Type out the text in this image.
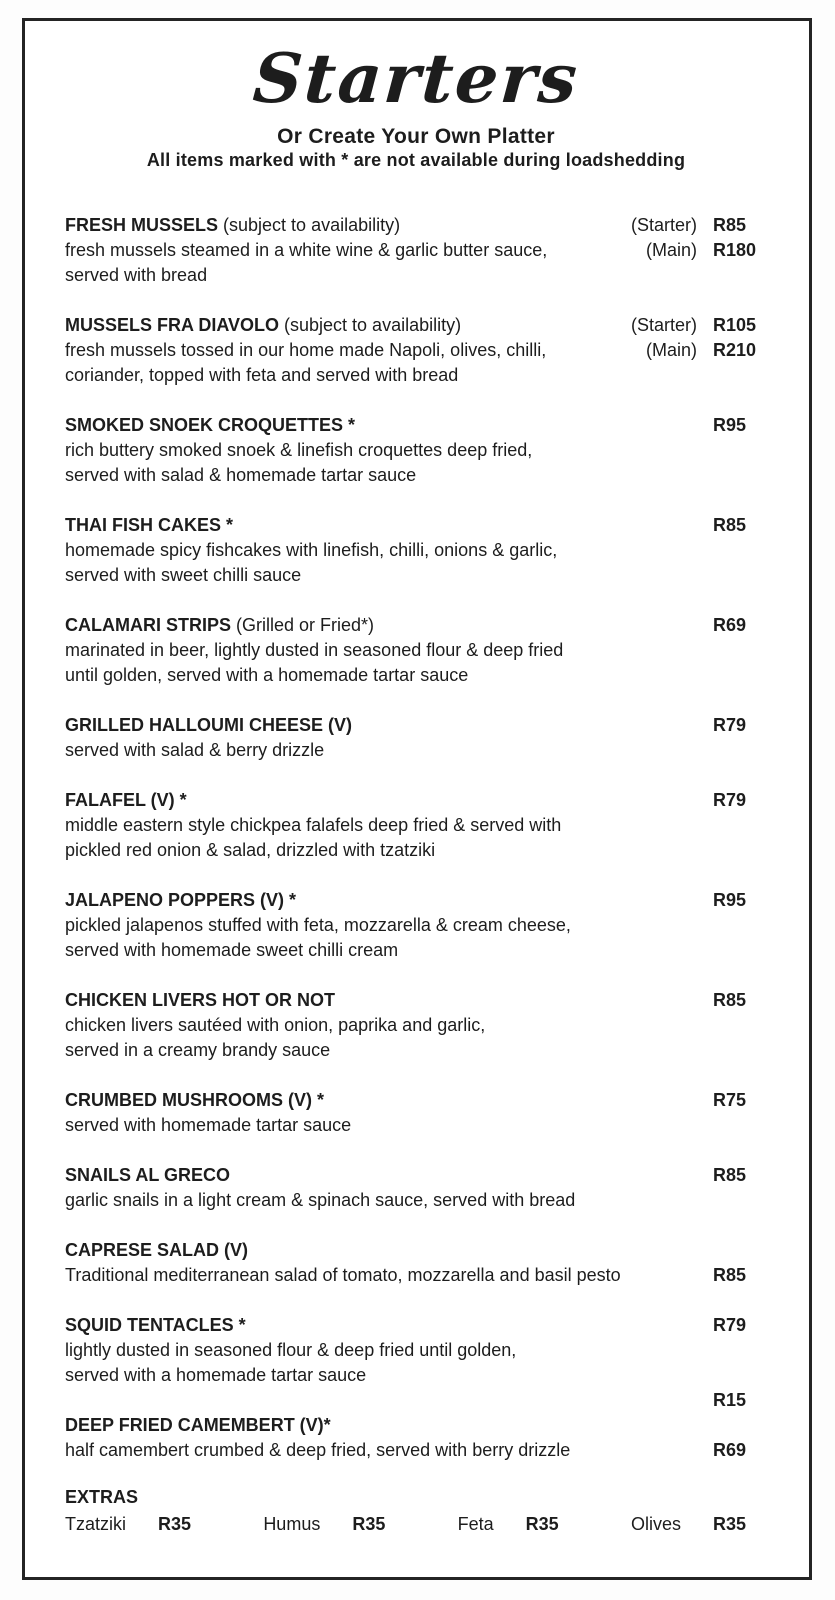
Starters
Or Create Your Own Platter
All items marked with * are not available during loadshedding
FRESH MUSSELS (subject to availability)	(Starter) R85
fresh mussels steamed in a white wine & garlic butter sauce,	(Main) R180
served with bread
MUSSELS FRA DIAVOLO (subject to availability)	(Starter) R105
fresh mussels tossed in our home made Napoli, olives, chilli,	(Main) R210
coriander, topped with feta and served with bread
SMOKED SNOEK CROQUETTES *	R95
rich buttery smoked snoek & linefish croquettes deep fried,
served with salad & homemade tartar sauce
THAI FISH CAKES *	R85
homemade spicy fishcakes with linefish, chilli, onions & garlic,
served with sweet chilli sauce
CALAMARI STRIPS (Grilled or Fried*)	R69
marinated in beer, lightly dusted in seasoned flour & deep fried
until golden, served with a homemade tartar sauce
GRILLED HALLOUMI CHEESE (V)	R79
served with salad & berry drizzle
FALAFEL (V) *	R79
middle eastern style chickpea falafels deep fried & served with
pickled red onion & salad, drizzled with tzatziki
JALAPENO POPPERS (V) *	R95
pickled jalapenos stuffed with feta, mozzarella & cream cheese,
served with homemade sweet chilli cream
CHICKEN LIVERS HOT OR NOT	R85
chicken livers sautéed with onion, paprika and garlic,
served in a creamy brandy sauce
CRUMBED MUSHROOMS (V) *	R75
served with homemade tartar sauce
SNAILS AL GRECO	R85
garlic snails in a light cream & spinach sauce, served with bread
CAPRESE SALAD (V)
Traditional mediterranean salad of tomato, mozzarella and basil pesto	R85
SQUID TENTACLES *	R79
lightly dusted in seasoned flour & deep fried until golden,
served with a homemade tartar sauce
R15
DEEP FRIED CAMEMBERT (V)*
half camembert crumbed & deep fried, served with berry drizzle	R69
EXTRAS
Tzatziki R35	Humus R35	Feta R35	Olives R35
